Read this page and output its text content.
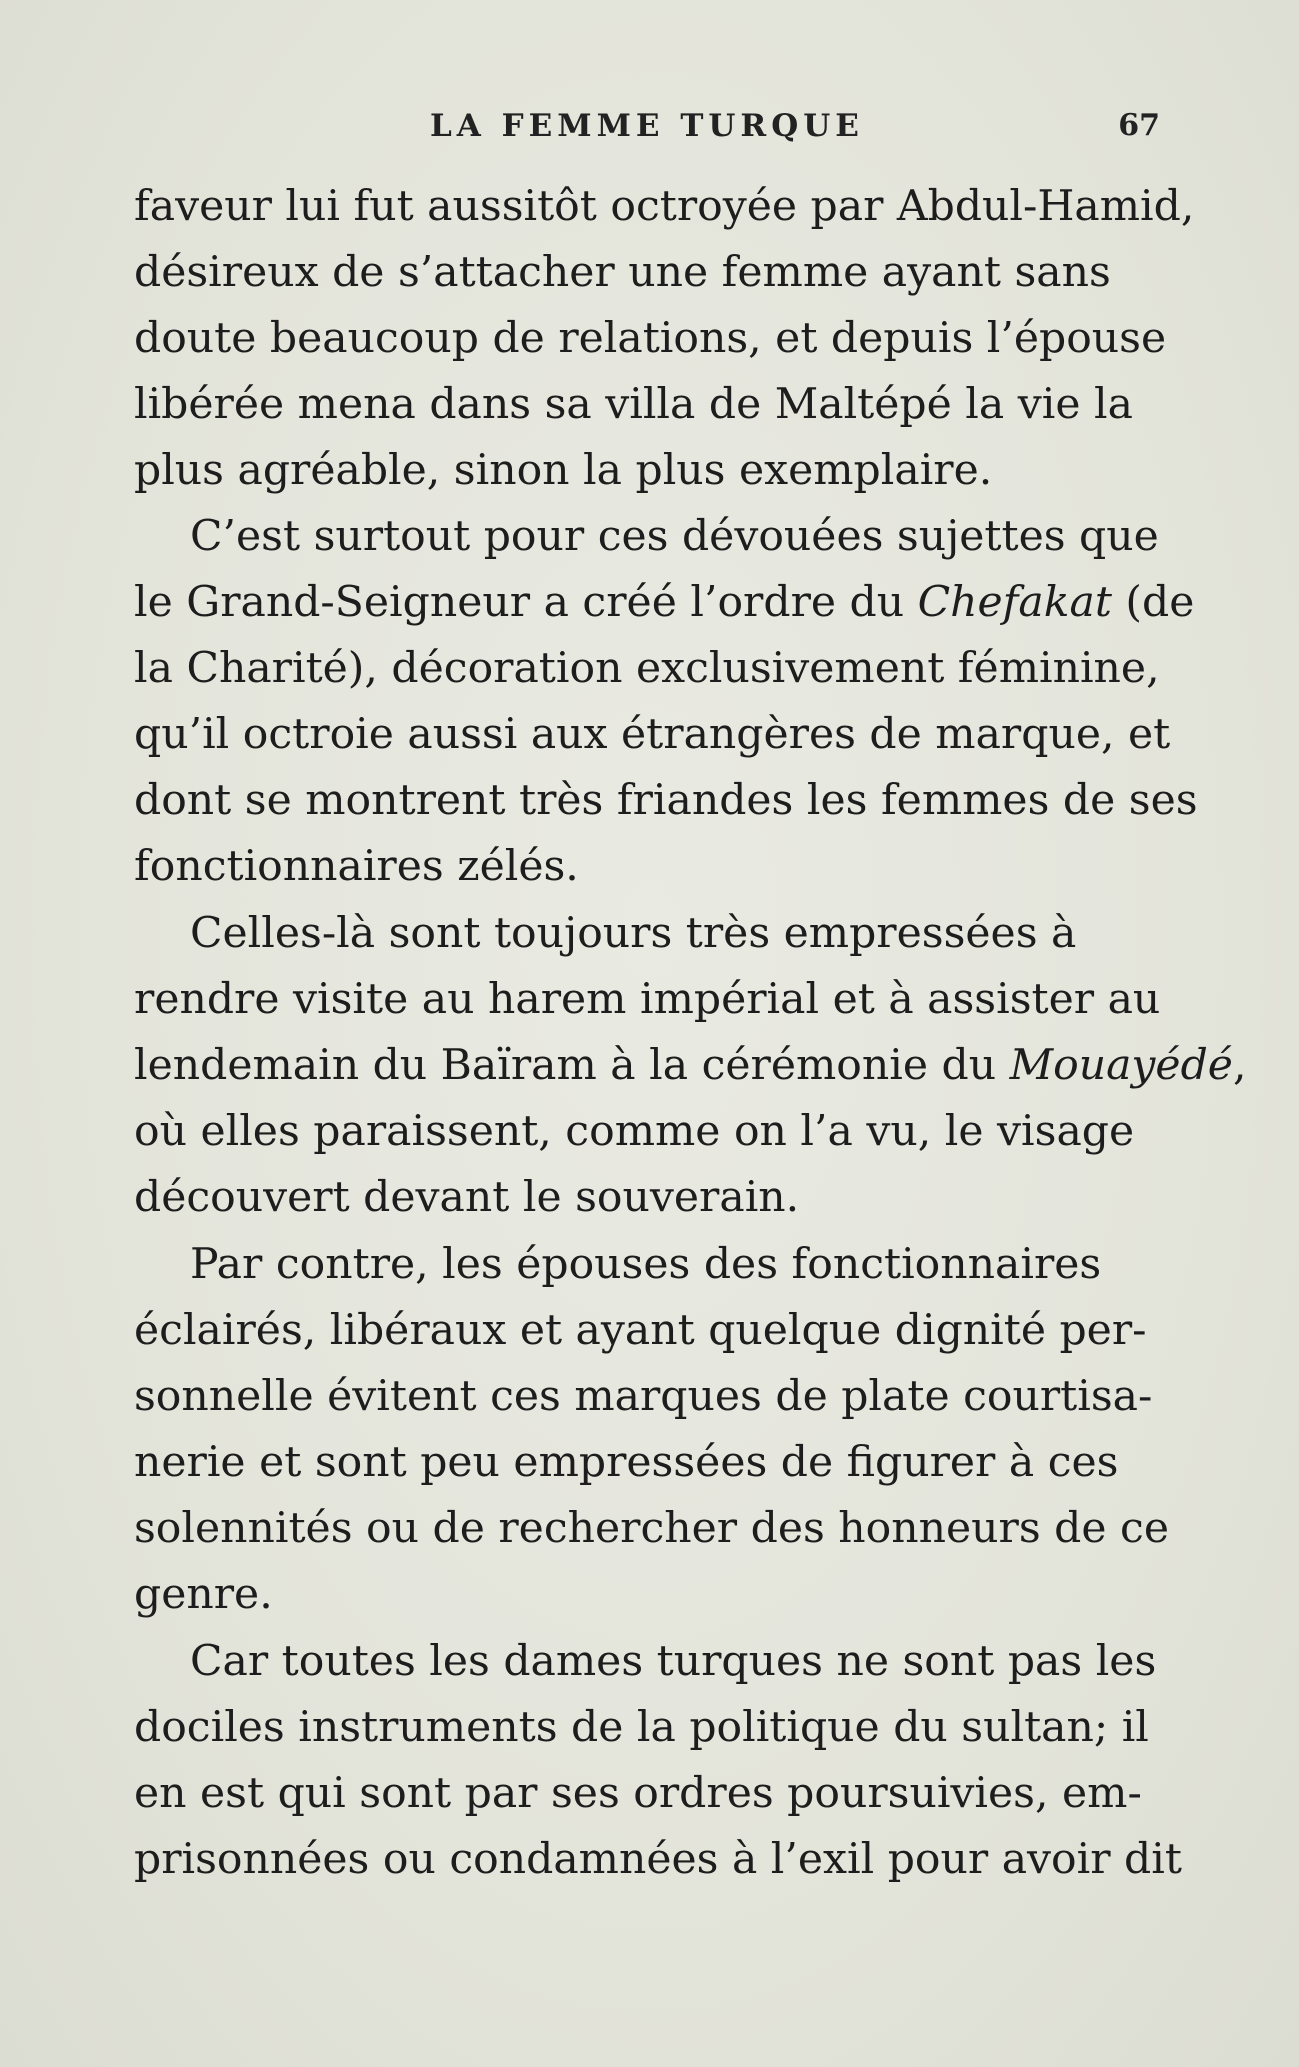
LA FEMME TURQUE	67
faveur lui fut aussitôt octroyée par Abdul-Hamid,
désireux de s’attacher une femme ayant sans
doute beaucoup de relations, et depuis l’épouse
libérée mena dans sa villa de Maltépé la vie la
plus agréable, sinon la plus exemplaire.
C’est surtout pour ces dévouées sujettes que
le Grand-Seigneur a créé l’ordre du Chefakat (de
la Charité), décoration exclusivement féminine,
qu’il octroie aussi aux étrangères de marque, et
dont se montrent très friandes les femmes de ses
fonctionnaires zélés.
Celles-là sont toujours très empressées à
rendre visite au harem impérial et à assister au
lendemain du Baïram à la cérémonie du Mouayédé,
où elles paraissent, comme on l’a vu, le visage
découvert devant le souverain.
Par contre, les épouses des fonctionnaires
éclairés, libéraux et ayant quelque dignité per-
sonnelle évitent ces marques de plate courtisa-
nerie et sont peu empressées de figurer à ces
solennités ou de rechercher des honneurs de ce
genre.
Car toutes les dames turques ne sont pas les
dociles instruments de la politique du sultan; il
en est qui sont par ses ordres poursuivies, em-
prisonnées ou condamnées à l’exil pour avoir dit
